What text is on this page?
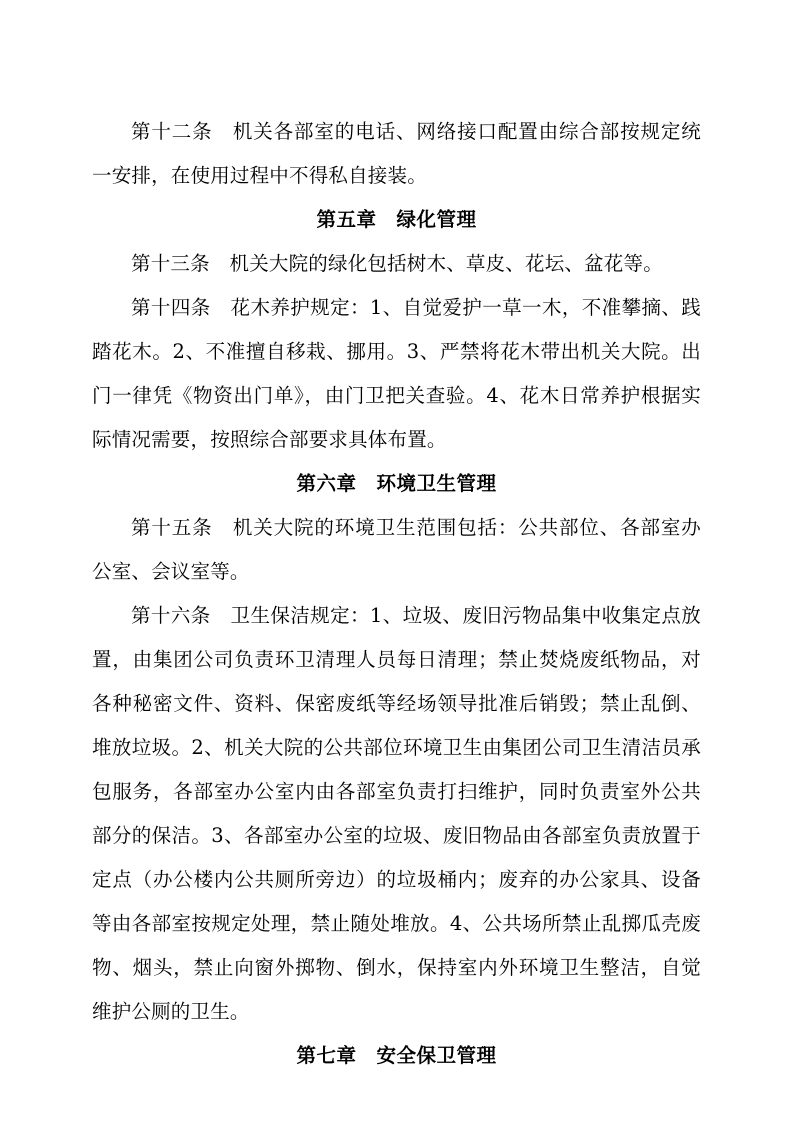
第十二条　机关各部室的电话、网络接口配置由综合部按规定统一安排，在使用过程中不得私自接装。

第五章　绿化管理

第十三条　机关大院的绿化包括树木、草皮、花坛、盆花等。

第十四条　花木养护规定：1、自觉爱护一草一木，不准攀摘、践踏花木。2、不准擅自移栽、挪用。3、严禁将花木带出机关大院。出门一律凭《物资出门单》，由门卫把关查验。4、花木日常养护根据实际情况需要，按照综合部要求具体布置。

第六章　环境卫生管理

第十五条　机关大院的环境卫生范围包括：公共部位、各部室办公室、会议室等。

第十六条　卫生保洁规定：1、垃圾、废旧污物品集中收集定点放置，由集团公司负责环卫清理人员每日清理；禁止焚烧废纸物品，对各种秘密文件、资料、保密废纸等经场领导批准后销毁；禁止乱倒、堆放垃圾。2、机关大院的公共部位环境卫生由集团公司卫生清洁员承包服务，各部室办公室内由各部室负责打扫维护，同时负责室外公共部分的保洁。3、各部室办公室的垃圾、废旧物品由各部室负责放置于定点（办公楼内公共厕所旁边）的垃圾桶内；废弃的办公家具、设备等由各部室按规定处理，禁止随处堆放。4、公共场所禁止乱掷瓜壳废物、烟头，禁止向窗外掷物、倒水，保持室内外环境卫生整洁，自觉维护公厕的卫生。

第七章　安全保卫管理
